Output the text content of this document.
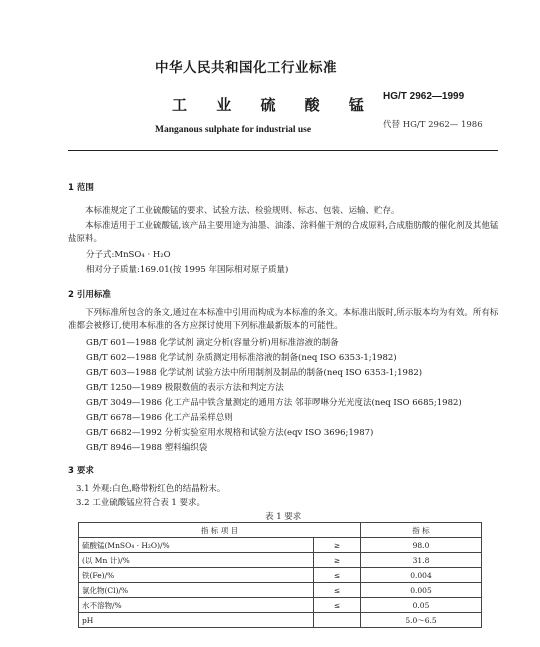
中华人民共和国化工行业标准
HG/T 2962—1999
工 业 硫 酸 锰
Manganous sulphate for industrial use	代替 HG/T 2962— 1986
1 范围
本标准规定了工业硫酸锰的要求、试验方法、检验规则、标志、包装、运输、贮存。
本标准适用于工业硫酸锰,该产品主要用途为油墨、油漆、涂料催干剂的合成原料,合成脂肪酸的催化剂及其他锰盐原料。
分子式:MnSO₄ · H₂O
相对分子质量:169.01(按 1995 年国际相对原子质量)
2 引用标准
下列标准所包含的条文,通过在本标准中引用而构成为本标准的条文。本标准出版时,所示版本均为有效。所有标准都会被修订,使用本标准的各方应探讨使用下列标准最新版本的可能性。
GB/T 601—1988 化学试剂 滴定分析(容量分析)用标准溶液的制备
GB/T 602—1988 化学试剂 杂质测定用标准溶液的制备(neq ISO 6353-1;1982)
GB/T 603—1988 化学试剂 试验方法中所用制剂及制品的制备(neq ISO 6353-1;1982)
GB/T 1250—1989 极限数值的表示方法和判定方法
GB/T 3049—1986 化工产品中铁含量测定的通用方法 邻菲啰啉分光光度法(neq ISO 6685;1982)
GB/T 6678—1986 化工产品采样总则
GB/T 6682—1992 分析实验室用水规格和试验方法(eqv ISO 3696;1987)
GB/T 8946—1988 塑料编织袋
3 要求
3.1 外观:白色,略带粉红色的结晶粉末。
3.2 工业硫酸锰应符合表 1 要求。
表 1 要求
指 标 项 目		指 标
硫酸锰(MnSO₄ · H₂O)/%	≥	98.0
(以 Mn 计)/%	≥	31.8
铁(Fe)/%	≤	0.004
氯化物(Cl)/%	≤	0.005
水不溶物/%	≤	0.05
pH		5.0～6.5
